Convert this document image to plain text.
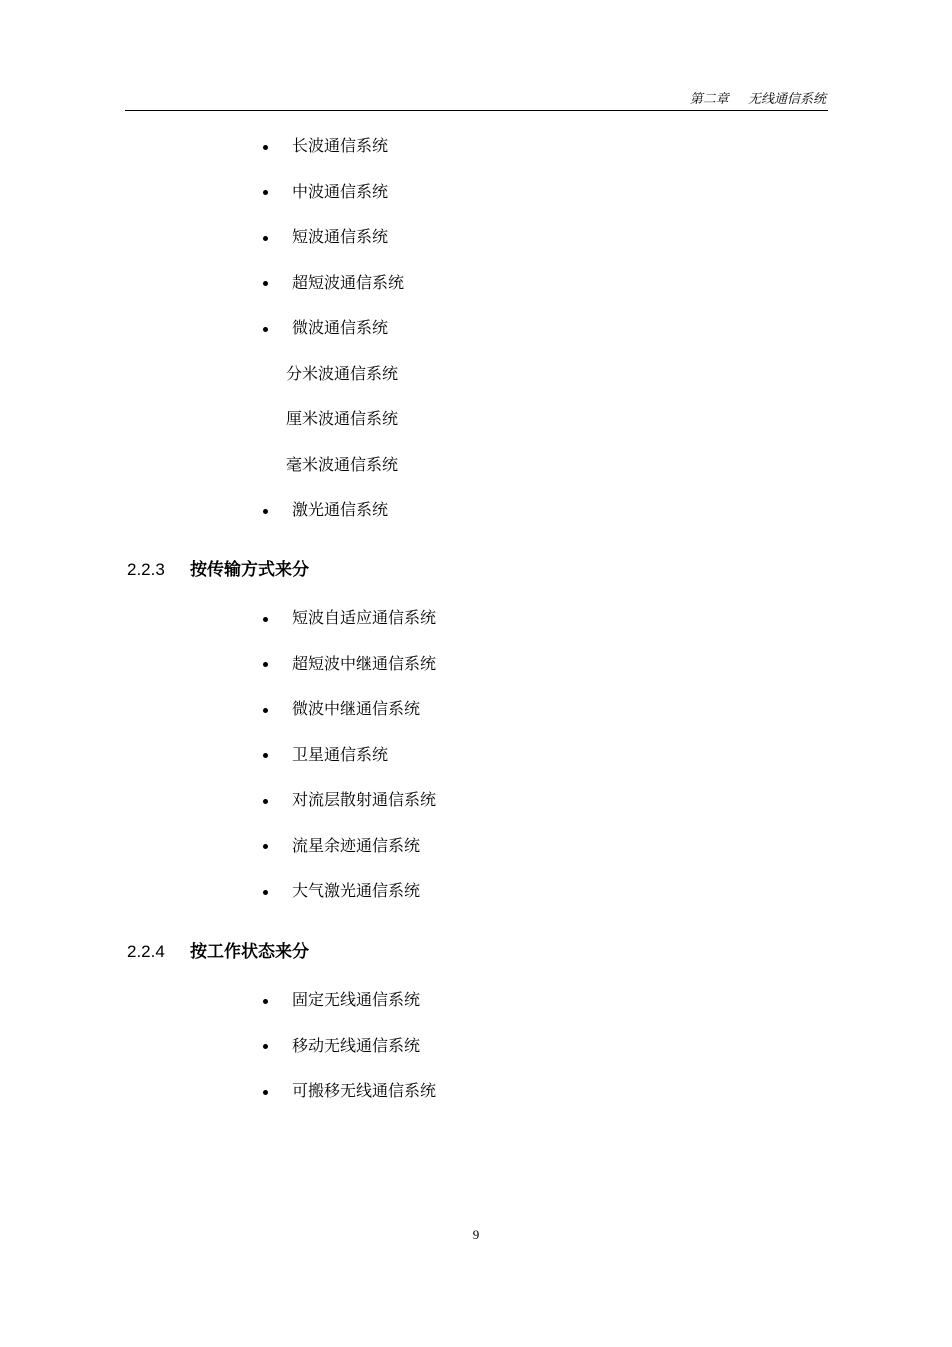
第二章 无线通信系统
长波通信系统
中波通信系统
短波通信系统
超短波通信系统
微波通信系统
分米波通信系统
厘米波通信系统
毫米波通信系统
激光通信系统
2.2.3 按传输方式来分
短波自适应通信系统
超短波中继通信系统
微波中继通信系统
卫星通信系统
对流层散射通信系统
流星余迹通信系统
大气激光通信系统
2.2.4 按工作状态来分
固定无线通信系统
移动无线通信系统
可搬移无线通信系统
9
